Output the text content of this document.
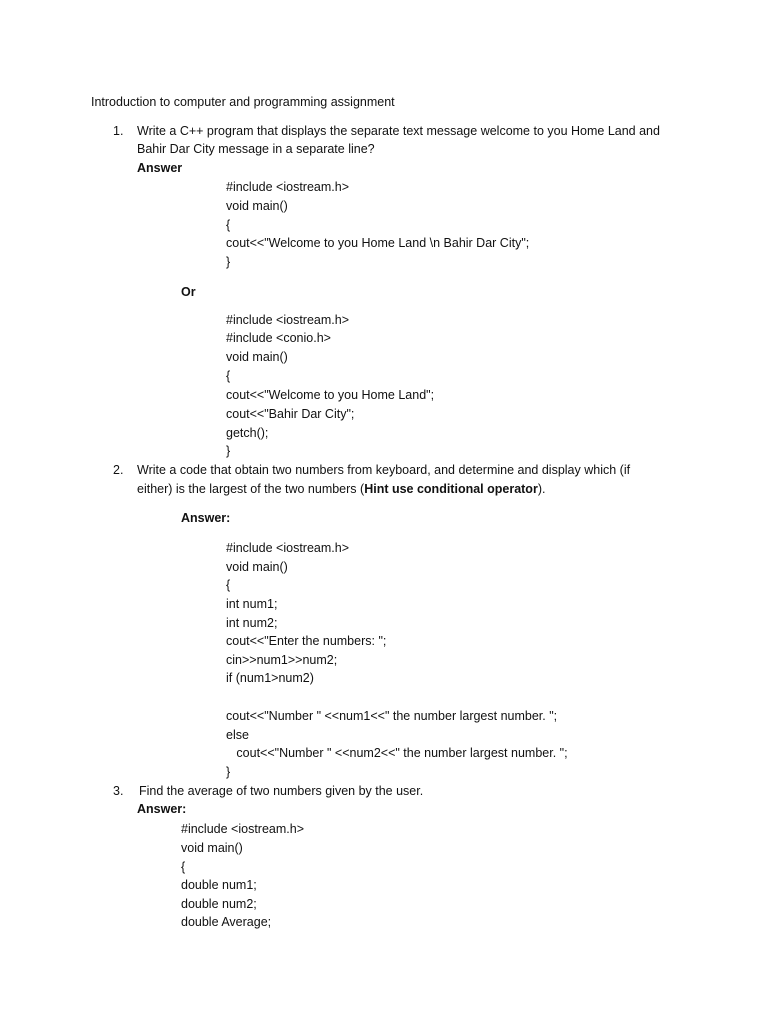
Introduction to computer and programming assignment
1. Write a C++ program that displays the separate text message welcome to you Home Land and
Bahir Dar City message in a separate line?
Answer
#include <iostream.h>
void main()
{
cout<<"Welcome to you Home Land \n Bahir Dar City";
}
Or
#include <iostream.h>
#include <conio.h>
void main()
{
cout<<"Welcome to you Home Land";
cout<<"Bahir Dar City";
getch();
}
2. Write a code that obtain two numbers from keyboard, and determine and display which (if
either) is the largest of the two numbers (Hint use conditional operator).
Answer:
#include <iostream.h>
void main()
{
int num1;
int num2;
cout<<"Enter the numbers: ";
cin>>num1>>num2;
if (num1>num2)
cout<<"Number " <<num1<<" the number largest number. ";
else
cout<<"Number " <<num2<<" the number largest number. ";
}
3. Find the average of two numbers given by the user.
Answer:
#include <iostream.h>
void main()
{
double num1;
double num2;
double Average;
